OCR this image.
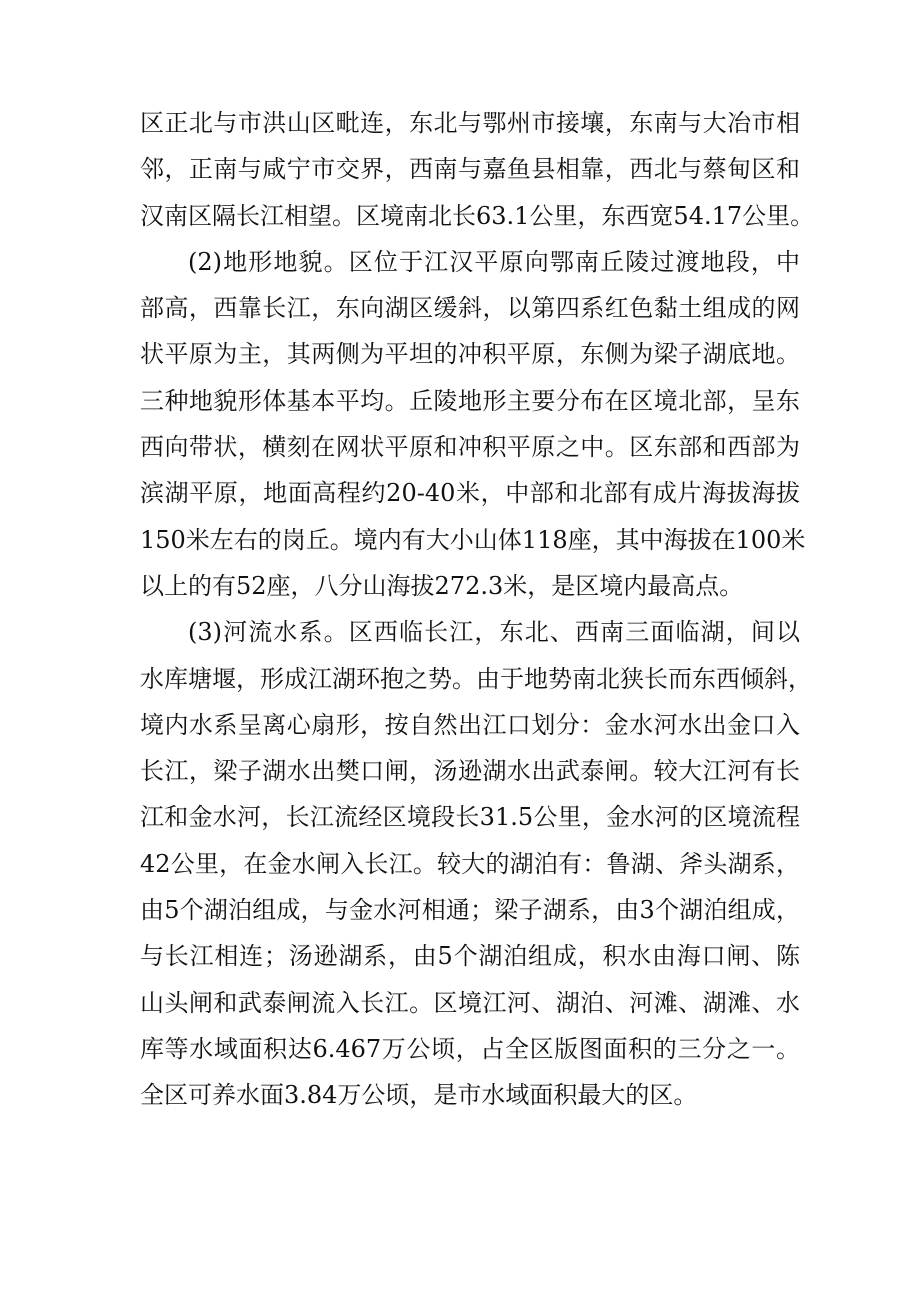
区正北与市洪山区毗连，东北与鄂州市接壤，东南与大冶市相
邻，正南与咸宁市交界，西南与嘉鱼县相靠，西北与蔡甸区和
汉南区隔长江相望。区境南北长63.1公里，东西宽54.17公里。
(2)地形地貌。区位于江汉平原向鄂南丘陵过渡地段，中
部高，西靠长江，东向湖区缓斜，以第四系红色黏土组成的网
状平原为主，其两侧为平坦的冲积平原，东侧为梁子湖底地。
三种地貌形体基本平均。丘陵地形主要分布在区境北部，呈东
西向带状，横刻在网状平原和冲积平原之中。区东部和西部为
滨湖平原，地面高程约20-40米，中部和北部有成片海拔海拔
150米左右的岗丘。境内有大小山体118座，其中海拔在100米
以上的有52座，八分山海拔272.3米，是区境内最高点。
(3)河流水系。区西临长江，东北、西南三面临湖，间以
水库塘堰，形成江湖环抱之势。由于地势南北狭长而东西倾斜，
境内水系呈离心扇形，按自然出江口划分：金水河水出金口入
长江，梁子湖水出樊口闸，汤逊湖水出武泰闸。较大江河有长
江和金水河，长江流经区境段长31.5公里，金水河的区境流程
42公里，在金水闸入长江。较大的湖泊有：鲁湖、斧头湖系，
由5个湖泊组成，与金水河相通；梁子湖系，由3个湖泊组成，
与长江相连；汤逊湖系，由5个湖泊组成，积水由海口闸、陈
山头闸和武泰闸流入长江。区境江河、湖泊、河滩、湖滩、水
库等水域面积达6.467万公顷，占全区版图面积的三分之一。
全区可养水面3.84万公顷，是市水域面积最大的区。
